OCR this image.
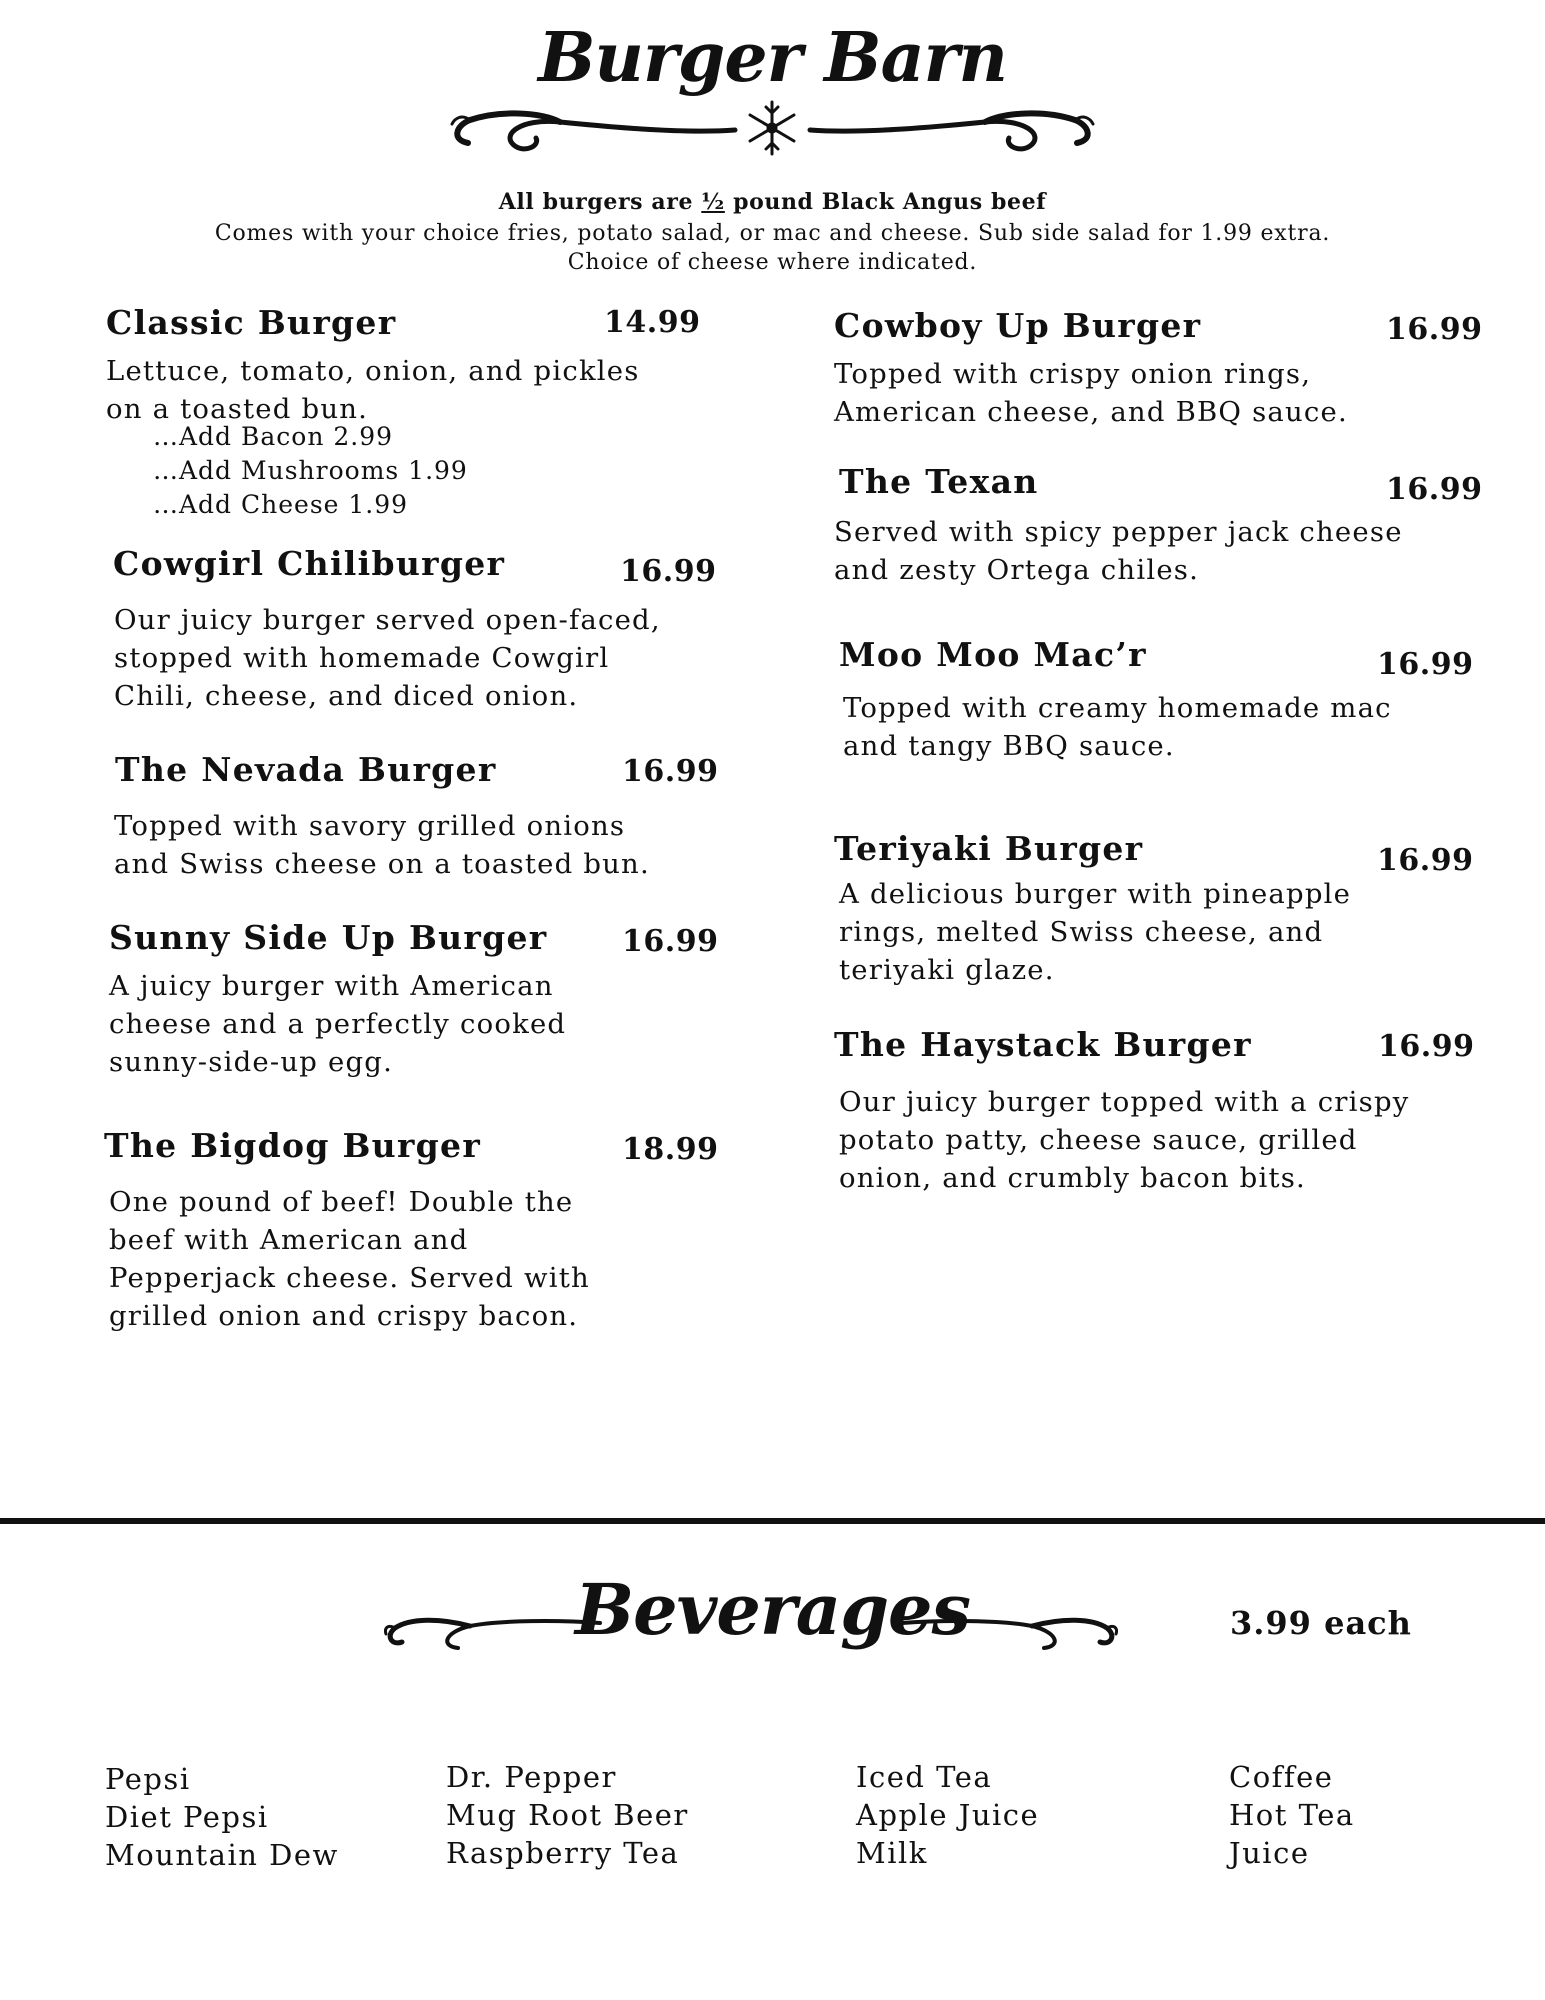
Burger Barn
All burgers are ½ pound Black Angus beef
Comes with your choice fries, potato salad, or mac and cheese. Sub side salad for 1.99 extra.
Choice of cheese where indicated.
Classic Burger	14.99
Lettuce, tomato, onion, and pickles
on a toasted bun.
…Add Bacon 2.99
…Add Mushrooms 1.99
…Add Cheese 1.99
Cowgirl Chiliburger	16.99
Our juicy burger served open-faced,
stopped with homemade Cowgirl
Chili, cheese, and diced onion.
The Nevada Burger	16.99
Topped with savory grilled onions
and Swiss cheese on a toasted bun.
Sunny Side Up Burger 16.99
A juicy burger with American
cheese and a perfectly cooked
sunny-side-up egg.
The Bigdog Burger	18.99
One pound of beef! Double the
beef with American and
Pepperjack cheese. Served with
grilled onion and crispy bacon.
Cowboy Up Burger	16.99
Topped with crispy onion rings,
American cheese, and BBQ sauce.
The Texan	16.99
Served with spicy pepper jack cheese
and zesty Ortega chiles.
Moo Moo Mac’r	16.99
Topped with creamy homemade mac
and tangy BBQ sauce.
Teriyaki Burger	16.99
A delicious burger with pineapple
rings, melted Swiss cheese, and
teriyaki glaze.
The Haystack Burger	16.99
Our juicy burger topped with a crispy
potato patty, cheese sauce, grilled
onion, and crumbly bacon bits.
Beverages	3.99 each
Pepsi
Diet Pepsi
Mountain Dew
Dr. Pepper
Mug Root Beer
Raspberry Tea
Iced Tea
Apple Juice
Milk
Coffee
Hot Tea
Juice
